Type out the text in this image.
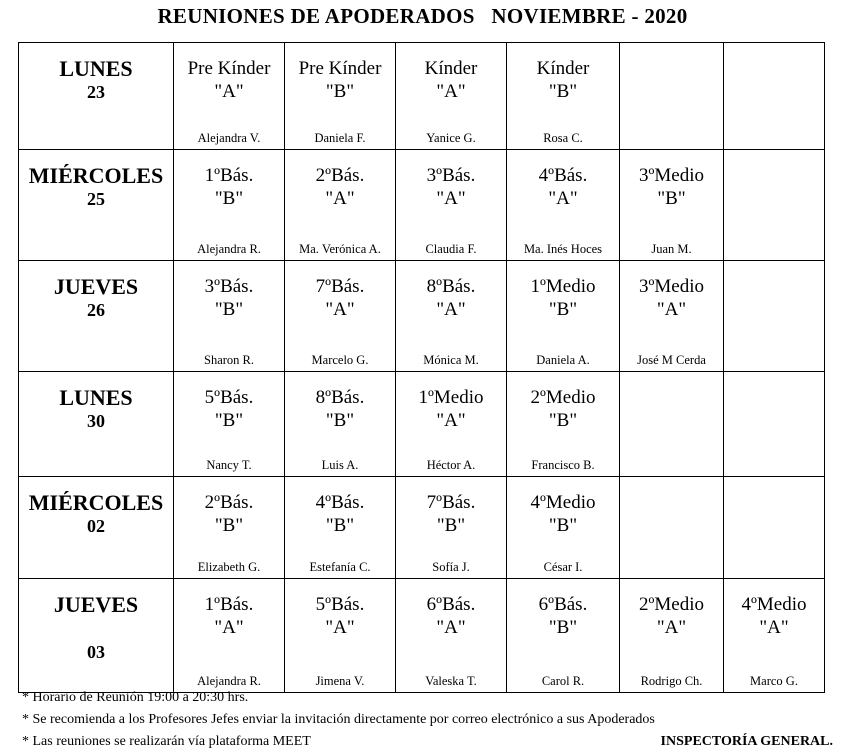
REUNIONES DE APODERADOS   NOVIEMBRE - 2020
LUNES
23	Pre Kínder
"A"
Alejandra V.	Pre Kínder
"B"
Daniela F.	Kínder
"A"
Yanice G.	Kínder
"B"
Rosa C.		

MIÉRCOLES
25	1ºBás.
"B"
Alejandra R.	2ºBás.
"A"
Ma. Verónica A.	3ºBás.
"A"
Claudia F.	4ºBás.
"A"
Ma. Inés Hoces	3ºMedio
"B"
Juan M.	

JUEVES
26	3ºBás.
"B"
Sharon R.	7ºBás.
"A"
Marcelo G.	8ºBás.
"A"
Mónica M.	1ºMedio
"B"
Daniela A.	3ºMedio
"A"
José M Cerda	

LUNES
30	5ºBás.
"B"
Nancy T.	8ºBás.
"B"
Luis A.	1ºMedio
"A"
Héctor A.	2ºMedio
"B"
Francisco B.		

MIÉRCOLES
02	2ºBás.
"B"
Elizabeth G.	4ºBás.
"B"
Estefanía C.	7ºBás.
"B"
Sofía J.	4ºMedio
"B"
César I.		

JUEVES
03	1ºBás.
"A"
Alejandra R.	5ºBás.
"A"
Jimena V.	6ºBás.
"A"
Valeska T.	6ºBás.
"B"
Carol R.	2ºMedio
"A"
Rodrigo Ch.	4ºMedio
"A"
Marco G.
* Horario de Reunión 19:00 a 20:30 hrs.
* Se recomienda a los Profesores Jefes enviar la invitación directamente por correo electrónico a sus Apoderados
* Las reuniones se realizarán vía plataforma MEET	INSPECTORÍA GENERAL.
